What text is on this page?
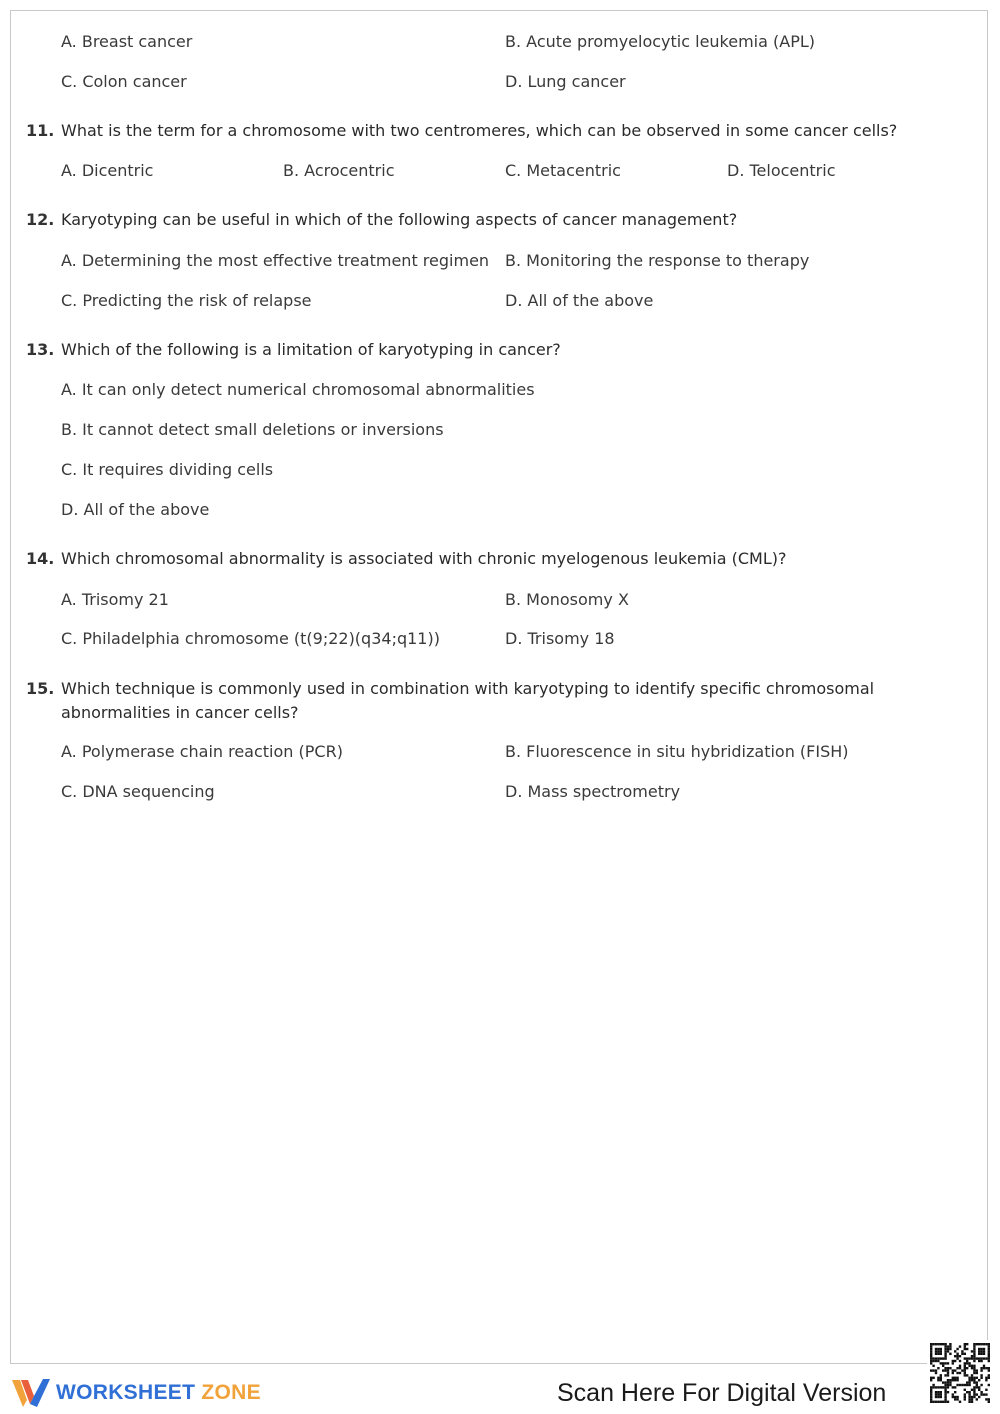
A. Breast cancer	B. Acute promyelocytic leukemia (APL)
C. Colon cancer	D. Lung cancer
11. What is the term for a chromosome with two centromeres, which can be observed in some cancer cells?
A. Dicentric	B. Acrocentric	C. Metacentric	D. Telocentric
12. Karyotyping can be useful in which of the following aspects of cancer management?
A. Determining the most effective treatment regimen B. Monitoring the response to therapy
C. Predicting the risk of relapse	D. All of the above
13. Which of the following is a limitation of karyotyping in cancer?
A. It can only detect numerical chromosomal abnormalities
B. It cannot detect small deletions or inversions
C. It requires dividing cells
D. All of the above
14. Which chromosomal abnormality is associated with chronic myelogenous leukemia (CML)?
A. Trisomy 21	B. Monosomy X
C. Philadelphia chromosome (t(9;22)(q34;q11))	D. Trisomy 18
15. Which technique is commonly used in combination with karyotyping to identify specific chromosomal abnormalities in cancer cells?
A. Polymerase chain reaction (PCR)	B. Fluorescence in situ hybridization (FISH)
C. DNA sequencing	D. Mass spectrometry
WORKSHEET ZONE	Scan Here For Digital Version
